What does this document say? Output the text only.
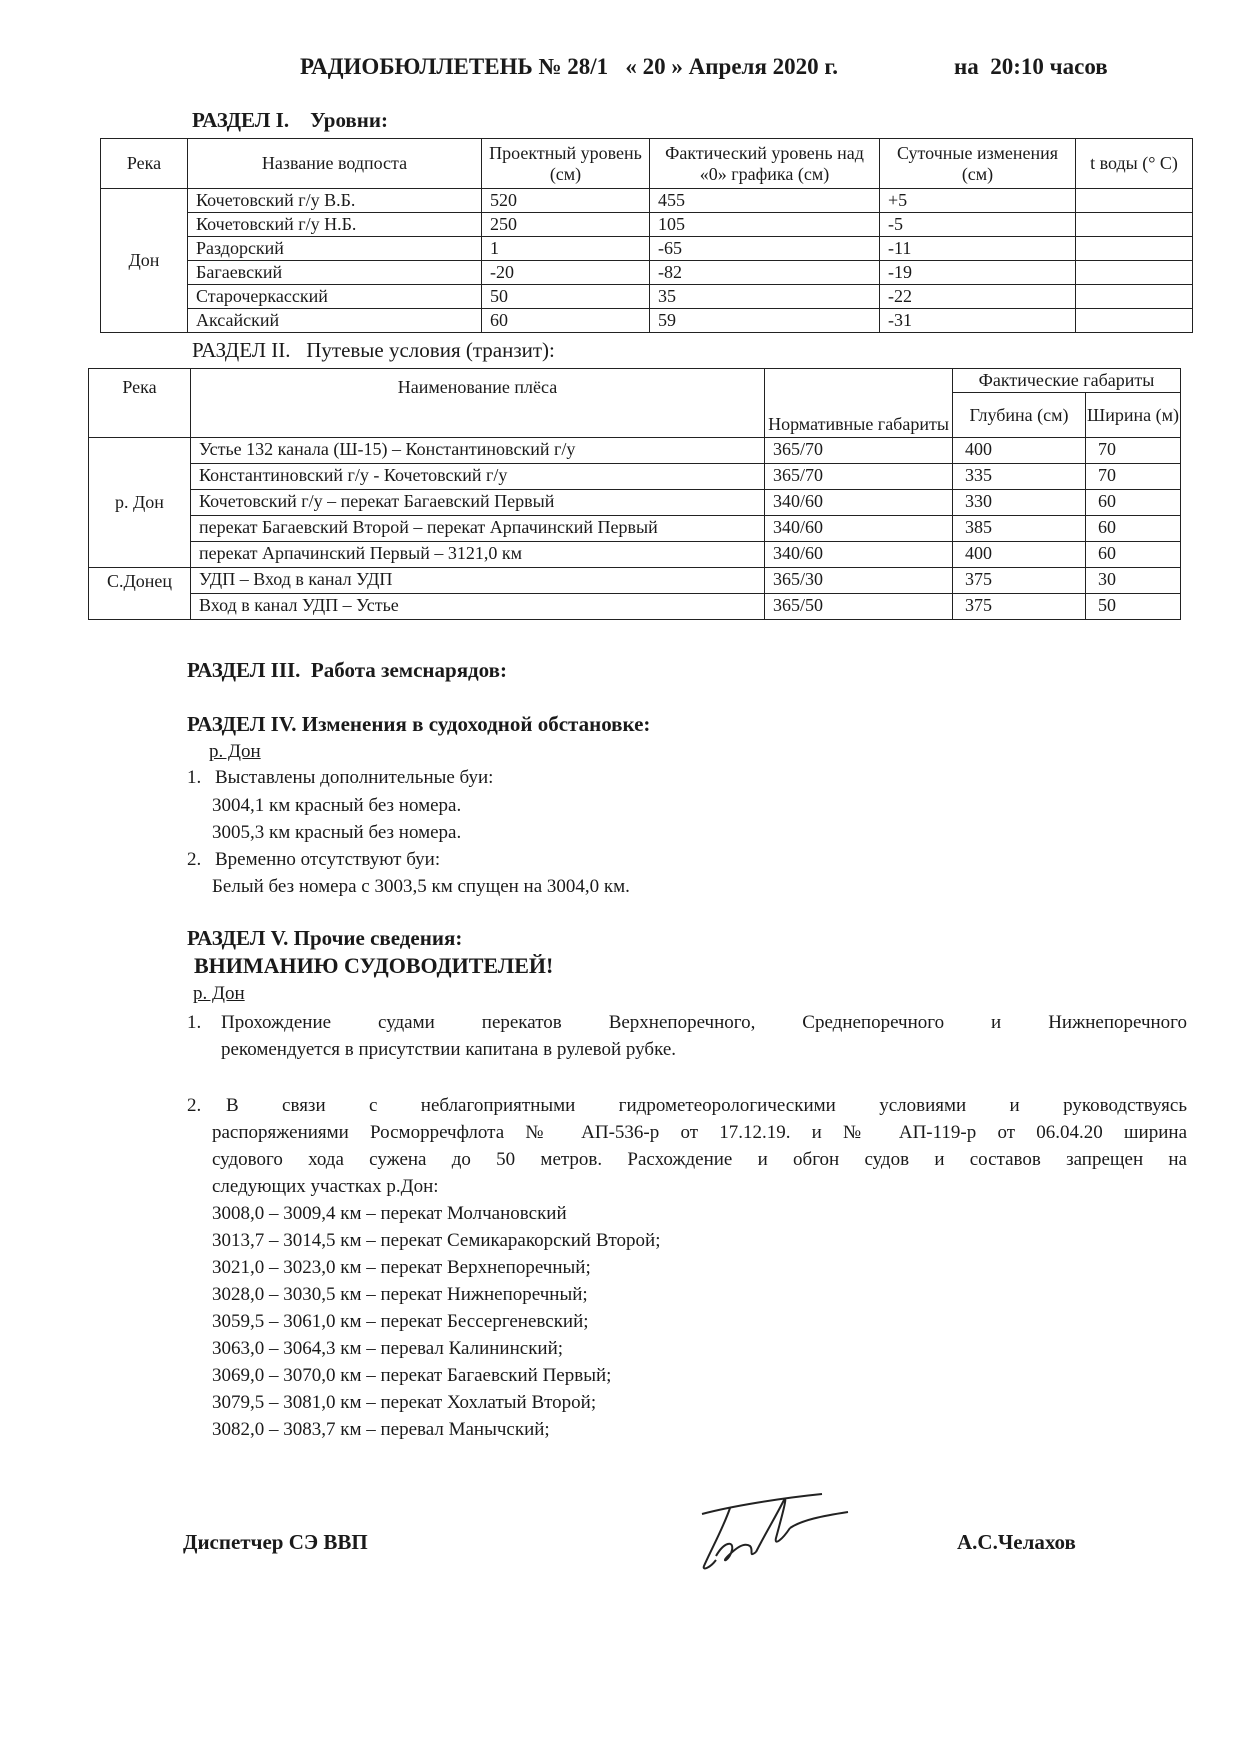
РАДИОБЮЛЛЕТЕНЬ № 28/1   « 20 » Апреля 2020 г.	на  20:10 часов
РАЗДЕЛ I.    Уровни:
Река	Название водпоста	Проектный уровень (см)	Фактический уровень над «0» графика (см)	Суточные изменения (см)	t воды (° С)
Дон	Кочетовский г/у В.Б.	520	455	+5	
	Кочетовский г/у Н.Б.	250	105	-5	
	Раздорский	1	-65	-11	
	Багаевский	-20	-82	-19	
	Старочеркасский	50	35	-22	
	Аксайский	60	59	-31	
РАЗДЕЛ II.   Путевые условия (транзит):
Река	Наименование плёса	Нормативные габариты	Фактические габариты	
			Глубина (см)	Ширина (м)
р. Дон	Устье 132 канала (Ш-15) – Константиновский г/у	365/70	400	70
	Константиновский г/у - Кочетовский г/у	365/70	335	70
	Кочетовский г/у – перекат Багаевский Первый	340/60	330	60
	перекат Багаевский Второй – перекат Арпачинский Первый	340/60	385	60
	перекат Арпачинский Первый – 3121,0 км	340/60	400	60
С.Донец	УДП – Вход в канал УДП	365/30	375	30
	Вход в канал УДП – Устье	365/50	375	50
РАЗДЕЛ III.  Работа земснарядов:
РАЗДЕЛ IV. Изменения в судоходной обстановке:
р. Дон
1. Выставлены дополнительные буи:
3004,1 км красный без номера.
3005,3 км красный без номера.
2. Временно отсутствуют буи:
Белый без номера с 3003,5 км спущен на 3004,0 км.
РАЗДЕЛ V. Прочие сведения:
ВНИМАНИЮ СУДОВОДИТЕЛЕЙ!
р. Дон
1. Прохождение судами перекатов Верхнепоречного, Среднепоречного и Нижнепоречного
рекомендуется в присутствии капитана в рулевой рубке.
2. В связи с неблагоприятными гидрометеорологическими условиями и руководствуясь
распоряжениями Росморречфлота № АП-536-р от 17.12.19. и № АП-119-р от 06.04.20 ширина
судового хода сужена до 50 метров. Расхождение и обгон судов и составов запрещен на
следующих участках р.Дон:
3008,0 – 3009,4 км – перекат Молчановский
3013,7 – 3014,5 км – перекат Семикаракорский Второй;
3021,0 – 3023,0 км – перекат Верхнепоречный;
3028,0 – 3030,5 км – перекат Нижнепоречный;
3059,5 – 3061,0 км – перекат Бессергеневский;
3063,0 – 3064,3 км – перевал Калининский;
3069,0 – 3070,0 км – перекат Багаевский Первый;
3079,5 – 3081,0 км – перекат Хохлатый Второй;
3082,0 – 3083,7 км – перевал Манычский;
Диспетчер СЭ ВВП	А.С.Челахов
